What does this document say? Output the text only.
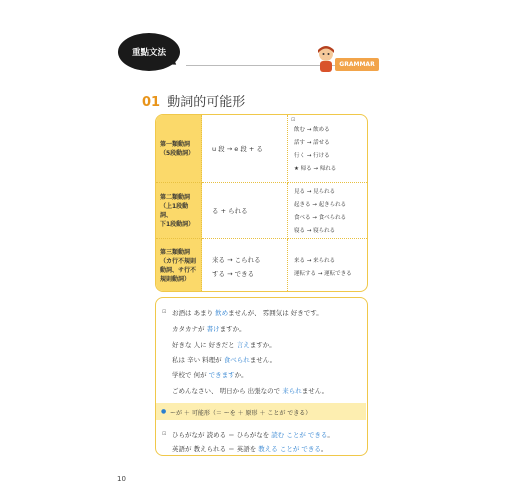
重點文法
GRAMMAR
01 動詞的可能形
第一類動詞
（5段動詞）	u 段 → e 段 + る
⊡
飲む → 飲める
話す → 話せる
行く → 行ける
★ 帰る → 帰れる
第二類動詞
（上1段動詞、
下1段動詞）
る + られる
見る → 見られる
起きる → 起きられる
食べる → 食べられる
寝る → 寝られる
第三類動詞
（カ行不規則
動詞、サ行不
規則動詞）
来る → こられる
する → できる
来る → 来られる
運転する → 運転できる
⊡ お酒は あまり 飲めませんが、 雰囲気は 好きです。
カタカナが 書けますか。
好きな 人に 好きだと 言えますか。
私は 辛い 料理が 食べられません。
学校で 何が できますか。
ごめんなさい、 明日から 出張なので 来られません。
● ーが ＋ 可能形（＝ ーを ＋ 原形 ＋ ことが できる）
⊡ ひらがなが 読める ＝ ひらがなを 読む ことが できる。
英語が 教えられる ＝ 英語を 教える ことが できる。
10
